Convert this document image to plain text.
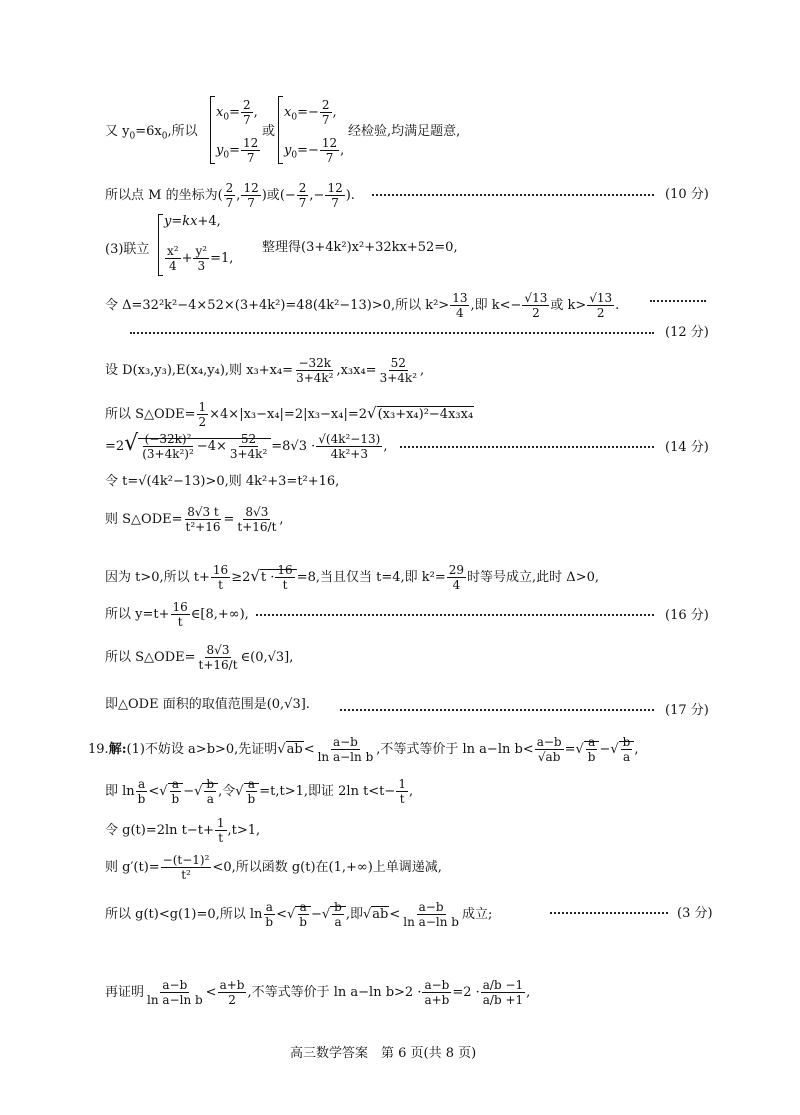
又 $y_0=6x_0$,所以
$x_0= \frac{2}{7}$ ,
$y_0= \frac{12}{7}$
或
$x_0=- \frac{2}{7}$ ,
$y_0=- \frac{12}{7}$ ,
经检验,均满足题意,
所以点 M 的坐标为( $\frac{2}{7}$ , $\frac{12}{7}$ )或(− $\frac{2}{7}$ ,− $\frac{12}{7}$ ).	(10 分)
(3)联立
y=kx+4,
$\frac{\text{x²}}{4} + \frac{\text{y²}}{3} =1$,
整理得(3+4k²)x²+32kx+52=0,
令 Δ=32²k²−4×52×(3+4k²)=48(4k²−13)>0,所以 $k^2> \frac{13}{4}$ ,即 $k<- \frac{√13}{2}$ 或 $k> \frac{√13}{2}$ .
(12 分)
设 D(x₃,y₃),E(x₄,y₄),则 $x_3+x_4= \frac{-32k}{\text{3+4k²}} ,x_3x_4= \frac{52}{\text{3+4k²}}$ ,
所以 S△ODE= $\frac{1}{2} \times 4\times|x_3-x_4|=2|x_3-x_4|=2√(x_3+x_4)^2-4x_3x_4$
$=2√ \frac{\text{(−32k)²}}{\text{(3+4k²)²}} -4\times \frac{52}{\text{3+4k²}} =8√3 \cdot \frac{\text{√(4k²−13)}}{\text{4k²+3}}$ ,	(14 分)
令 t=√(4k²−13)>0,则 4k²+3=t²+16,
则 S△ODE= $\frac{8√3 t}{\text{t²+16}} = \frac{8√3}{t+16/t}$ ,
因为 t>0,所以 $t+ \frac{16}{t} \ge 2√t \cdot \frac{16}{t} =8$,当且仅当 t=4,即 $k^2= \frac{29}{4}$ 时等号成立,此时 Δ>0,
所以 $y=t+ \frac{16}{t}$ ∈[8,+∞),	(16 分)
所以 S△ODE= $\frac{8√3}{t+16/t}$ ∈(0,√3],
即△ODE 面积的取值范围是(0,√3].	(17 分)
19.解:(1)不妨设 a>b>0,先证明$√ab< \frac{a-b}{\text{ln a−ln b}}$ ,不等式等价于 ln a−ln $b< \frac{a-b}{√ab}$ =√ $\frac{a}{b}$ −√ $\frac{b}{a}$ ,
即 $\ln \frac{a}{b}$ <√ $\frac{a}{b}$ −√ $\frac{b}{a}$ ,令√ $\frac{a}{b} =t,t>1$,即证 2ln $t<t- \frac{1}{t}$ ,
令 g(t)=2ln $t-t+ \frac{1}{t} ,t>1$,
则 $g'(t)= \frac{\text{−(t−1)²}}{\text{t²}} <0$,所以函数 g(t)在(1,+∞)上单调递减,
所以 g(t)<g(1)=0,所以 $\ln \frac{a}{b}$ <√ $\frac{a}{b}$ −√ $\frac{b}{a}$ ,即$√ab< \frac{a-b}{\text{ln a−ln b}}$ 成立;	(3 分)
再证明 $\frac{a-b}{\text{ln a−ln b}} < \frac{a+b}{2}$ ,不等式等价于 ln a−ln $b>2 \cdot \frac{a-b}{a+b} =2 \cdot \frac{a/b -1}{a/b +1}$ ,
高三数学答案　第 6 页(共 8 页)
